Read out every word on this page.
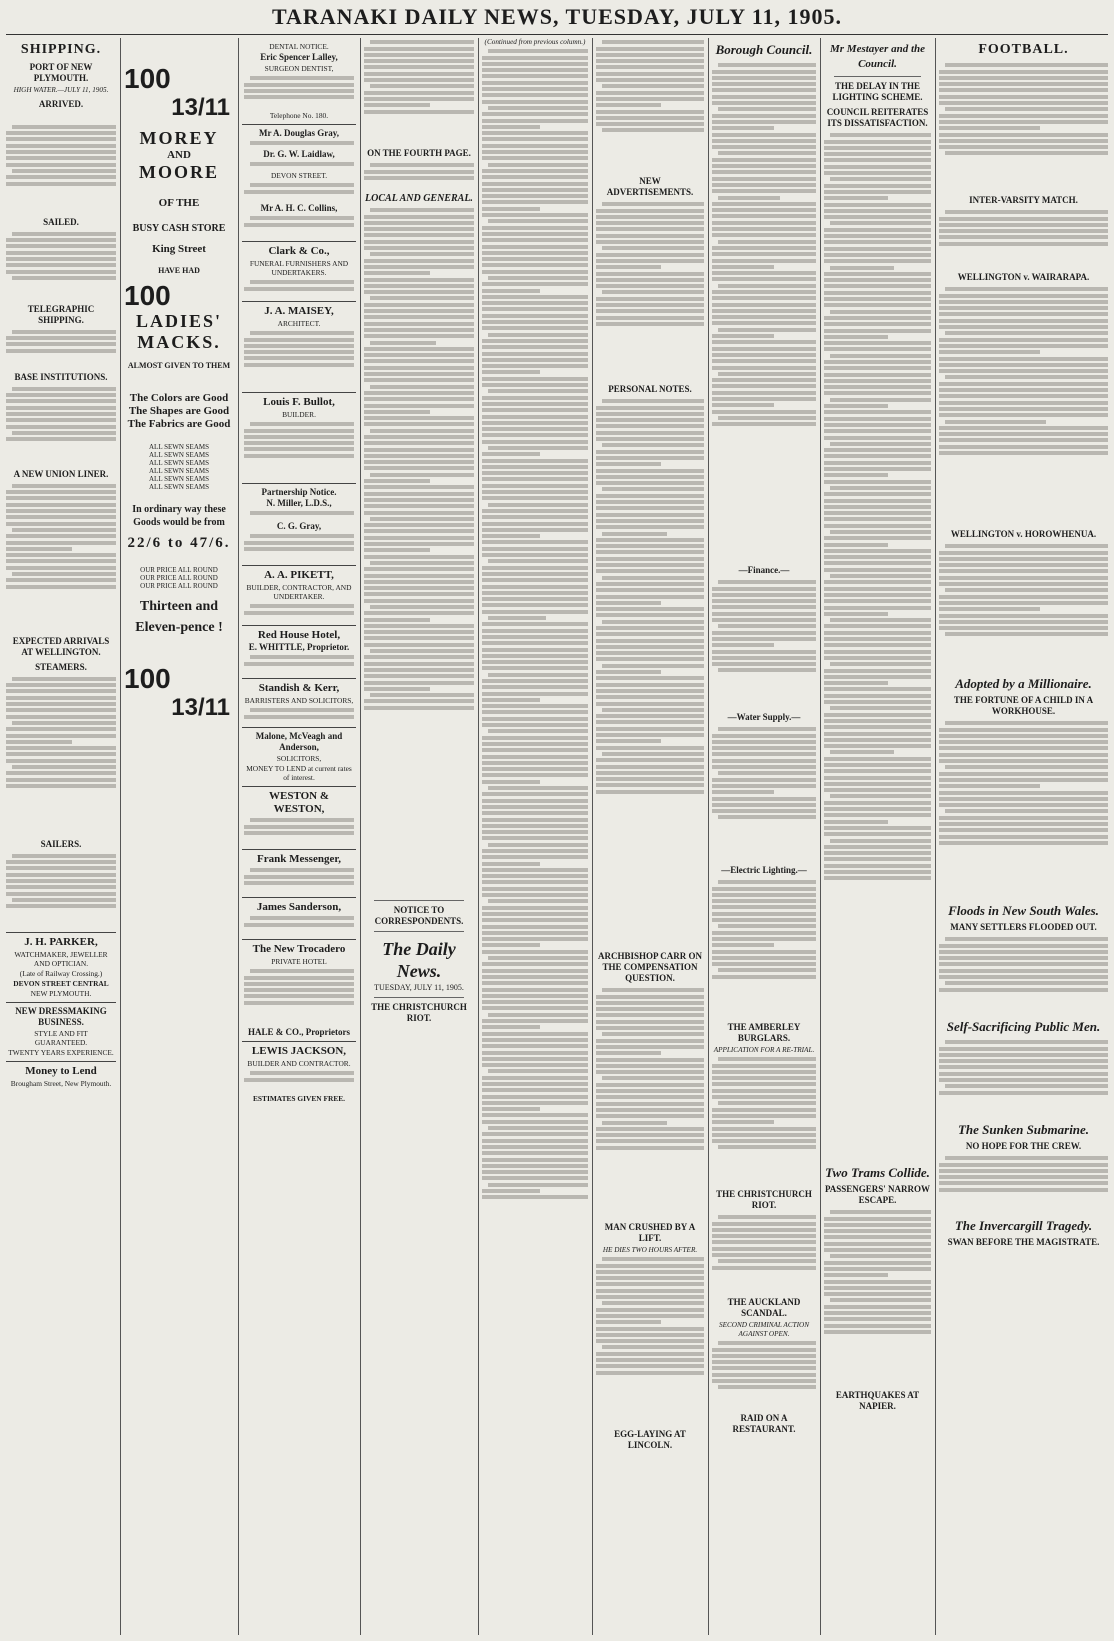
TARANAKI DAILY NEWS, TUESDAY, JULY 11, 1905.
SHIPPING.
PORT OF NEW PLYMOUTH.
HIGH WATER.—JULY 11, 1905.
ARRIVED.

SAILED.
TELEGRAPHIC SHIPPING.
BASE INSTITUTIONS.
A NEW UNION LINER.
EXPECTED ARRIVALS AT WELLINGTON.
STEAMERS.
SAILERS.
J. H. PARKER,
WATCHMAKER, JEWELLER AND OPTICIAN.
(Late of Railway Crossing.)
DEVON STREET CENTRAL
NEW PLYMOUTH.
NEW DRESSMAKING BUSINESS.
STYLE AND FIT GUARANTEED.
TWENTY YEARS EXPERIENCE.
Money to Lend
Brougham Street, New Plymouth.
100
13/11
MOREY
AND
MOORE
OF THE
BUSY CASH STORE
King Street
HAVE HAD
100
LADIES'
MACKS.
ALMOST GIVEN TO THEM
The Colors are Good
The Shapes are Good
The Fabrics are Good
ALL SEWN SEAMS
ALL SEWN SEAMS
ALL SEWN SEAMS
ALL SEWN SEAMS
ALL SEWN SEAMS
ALL SEWN SEAMS
In ordinary way these Goods would be from
22/6 to 47/6.
OUR PRICE ALL ROUND
OUR PRICE ALL ROUND
OUR PRICE ALL ROUND
Thirteen and Eleven-pence !
100
13/11
DENTAL NOTICE.
Eric Spencer Lalley,
SURGEON DENTIST,
Telephone No. 180.
Mr A. Douglas Gray,
Dr. G. W. Laidlaw,
DEVON STREET.
Mr A. H. C. Collins,
Clark & Co.,
FUNERAL FURNISHERS AND UNDERTAKERS.
J. A. MAISEY,
ARCHITECT.
Louis F. Bullot,
BUILDER.
Partnership Notice.
N. Miller, L.D.S.,
C. G. Gray,
A. A. PIKETT,
BUILDER, CONTRACTOR, AND UNDERTAKER.
Red House Hotel,
E. WHITTLE, Proprietor.
Standish & Kerr,
BARRISTERS AND SOLICITORS,
Malone, McVeagh and Anderson,
SOLICITORS,
MONEY TO LEND at current rates of interest.
WESTON & WESTON,
Frank Messenger,
James Sanderson,
The New Trocadero
PRIVATE HOTEL
HALE & CO., Proprietors
LEWIS JACKSON,
BUILDER AND CONTRACTOR.
ESTIMATES GIVEN FREE.
ON THE FOURTH PAGE.
LOCAL AND GENERAL.
NOTICE TO CORRESPONDENTS.
The Daily News.
TUESDAY, JULY 11, 1905.
THE CHRISTCHURCH RIOT.
(Continued from previous column.)
NEW ADVERTISEMENTS.
PERSONAL NOTES.
ARCHBISHOP CARR ON THE COMPENSATION QUESTION.
MAN CRUSHED BY A LIFT.
HE DIES TWO HOURS AFTER.
EGG-LAYING AT LINCOLN.
Borough Council.
—Finance.—
—Water Supply.—
—Electric Lighting.—
THE AMBERLEY BURGLARS.
APPLICATION FOR A RE-TRIAL.
THE CHRISTCHURCH RIOT.
THE AUCKLAND SCANDAL.
SECOND CRIMINAL ACTION AGAINST OPEN.
RAID ON A RESTAURANT.
Mr Mestayer and the Council.
THE DELAY IN THE LIGHTING SCHEME.
COUNCIL REITERATES ITS DISSATISFACTION.
Two Trams Collide.
PASSENGERS' NARROW ESCAPE.
EARTHQUAKES AT NAPIER.
FOOTBALL.
INTER-VARSITY MATCH.
WELLINGTON v. WAIRARAPA.
WELLINGTON v. HOROWHENUA.
Adopted by a Millionaire.
THE FORTUNE OF A CHILD IN A WORKHOUSE.
Floods in New South Wales.
MANY SETTLERS FLOODED OUT.
Self-Sacrificing Public Men.
The Sunken Submarine.
NO HOPE FOR THE CREW.
The Invercargill Tragedy.
SWAN BEFORE THE MAGISTRATE.
